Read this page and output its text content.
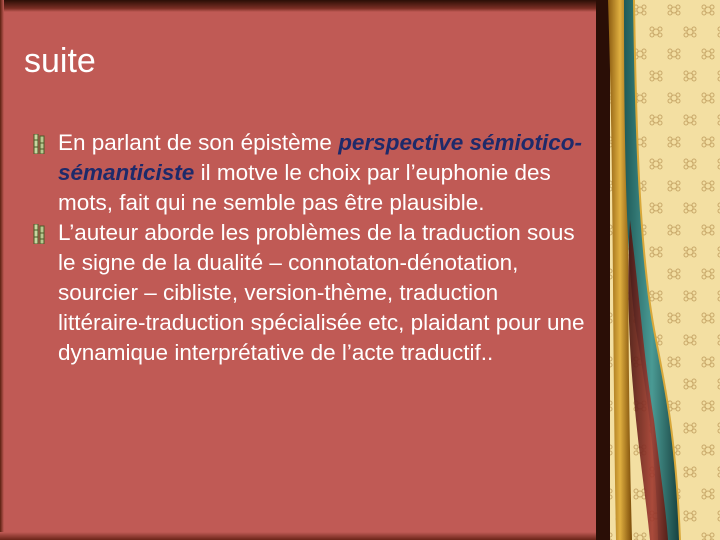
suite
En parlant de son épistème perspective sémiotico-sémanticiste il motve le choix par l’euphonie des mots, fait qui ne semble pas être plausible.
L’auteur aborde les problèmes de la traduction sous le signe de la dualité – connotaton-dénotation, sourcier – cibliste, version-thème, traduction littéraire-traduction spécialisée etc, plaidant pour une dynamique interprétative de l’acte traductif..
